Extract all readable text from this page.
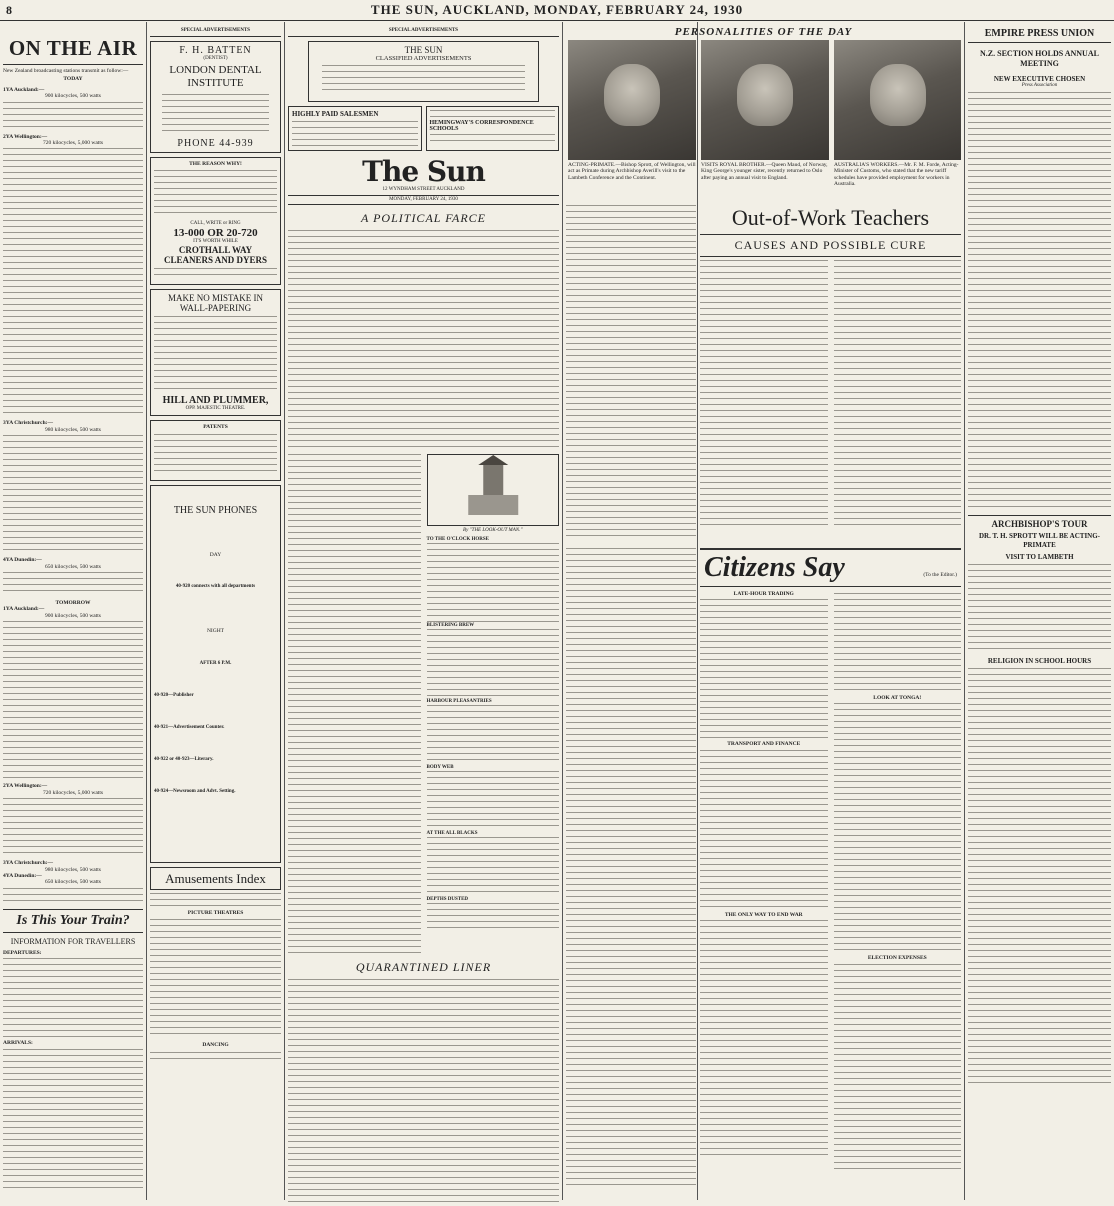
8	THE SUN, AUCKLAND, MONDAY, FEBRUARY 24, 1930
ON THE AIR
New Zealand broadcasting stations transmit as follow:—
TODAY
1YA Auckland:—
900 kilocycles, 500 watts
2YA Wellington:—
720 kilocycles, 5,000 watts
3YA Christchurch:—
980 kilocycles, 500 watts
4YA Dunedin:—
650 kilocycles, 500 watts
TOMORROW
1YA Auckland:—
900 kilocycles, 500 watts
2YA Wellington:—
720 kilocycles, 5,000 watts
3YA Christchurch:—
980 kilocycles, 500 watts
4YA Dunedin:—
650 kilocycles, 500 watts
Is This Your Train?
INFORMATION FOR TRAVELLERS
DEPARTURES:
ARRIVALS:
SPECIAL ADVERTISEMENTS
F. H. BATTEN
(DENTIST)
LONDON DENTAL INSTITUTE
PHONE 44-939
THE REASON WHY!
CALL, WRITE or RING
13-000 OR 20-720
IT'S WORTH WHILE
CROTHALL WAY CLEANERS AND DYERS
MAKE NO MISTAKE IN WALL-PAPERING
HILL AND PLUMMER,
OPP. MAJESTIC THEATRE.
PATENTS
THE SUN PHONES
DAY
40-920 connects with all departments
NIGHT
AFTER 6 P.M.
40-920—Publisher
40-921—Advertisement Counter.
40-922 or 40-923—Literary.
40-924—Newsroom and Advt. Setting.
Amusements Index
PICTURE THEATRES
DANCING
SPECIAL ADVERTISEMENTS
THE SUN
CLASSIFIED ADVERTISEMENTS
HIGHLY PAID SALESMEN
HEMINGWAY'S CORRESPONDENCE SCHOOLS
The Sun
12 WYNDHAM STREET AUCKLAND
MONDAY, FEBRUARY 24, 1930
A POLITICAL FARCE
By "THE LOOK-OUT MAN."
TO THE O'CLOCK HORSE
BLISTERING BREW
HARBOUR PLEASANTRIES
BODY WEB
AT THE ALL BLACKS
DEPTHS DUSTED
QUARANTINED LINER
PERSONALITIES OF THE DAY
ACTING-PRIMATE.—Bishop Sprott, of Wellington, will act as Primate during Archbishop Averill's visit to the Lambeth Conference and the Continent.
VISITS ROYAL BROTHER.—Queen Maud, of Norway, King George's younger sister, recently returned to Oslo after paying an annual visit to England.
AUSTRALIA'S WORKERS.—Mr. F. M. Forde, Acting-Minister of Customs, who stated that the new tariff schedules have provided employment for workers in Australia.
Out-of-Work Teachers
CAUSES AND POSSIBLE CURE
Citizens Say	(To the Editor.)
LATE-HOUR TRADING
TRANSPORT AND FINANCE
THE ONLY WAY TO END WAR
LOOK AT TONGA!
ELECTION EXPENSES
EMPIRE PRESS UNION
N.Z. SECTION HOLDS ANNUAL MEETING
NEW EXECUTIVE CHOSEN
Press Association
ARCHBISHOP'S TOUR
DR. T. H. SPROTT WILL BE ACTING-PRIMATE
VISIT TO LAMBETH
RELIGION IN SCHOOL HOURS
